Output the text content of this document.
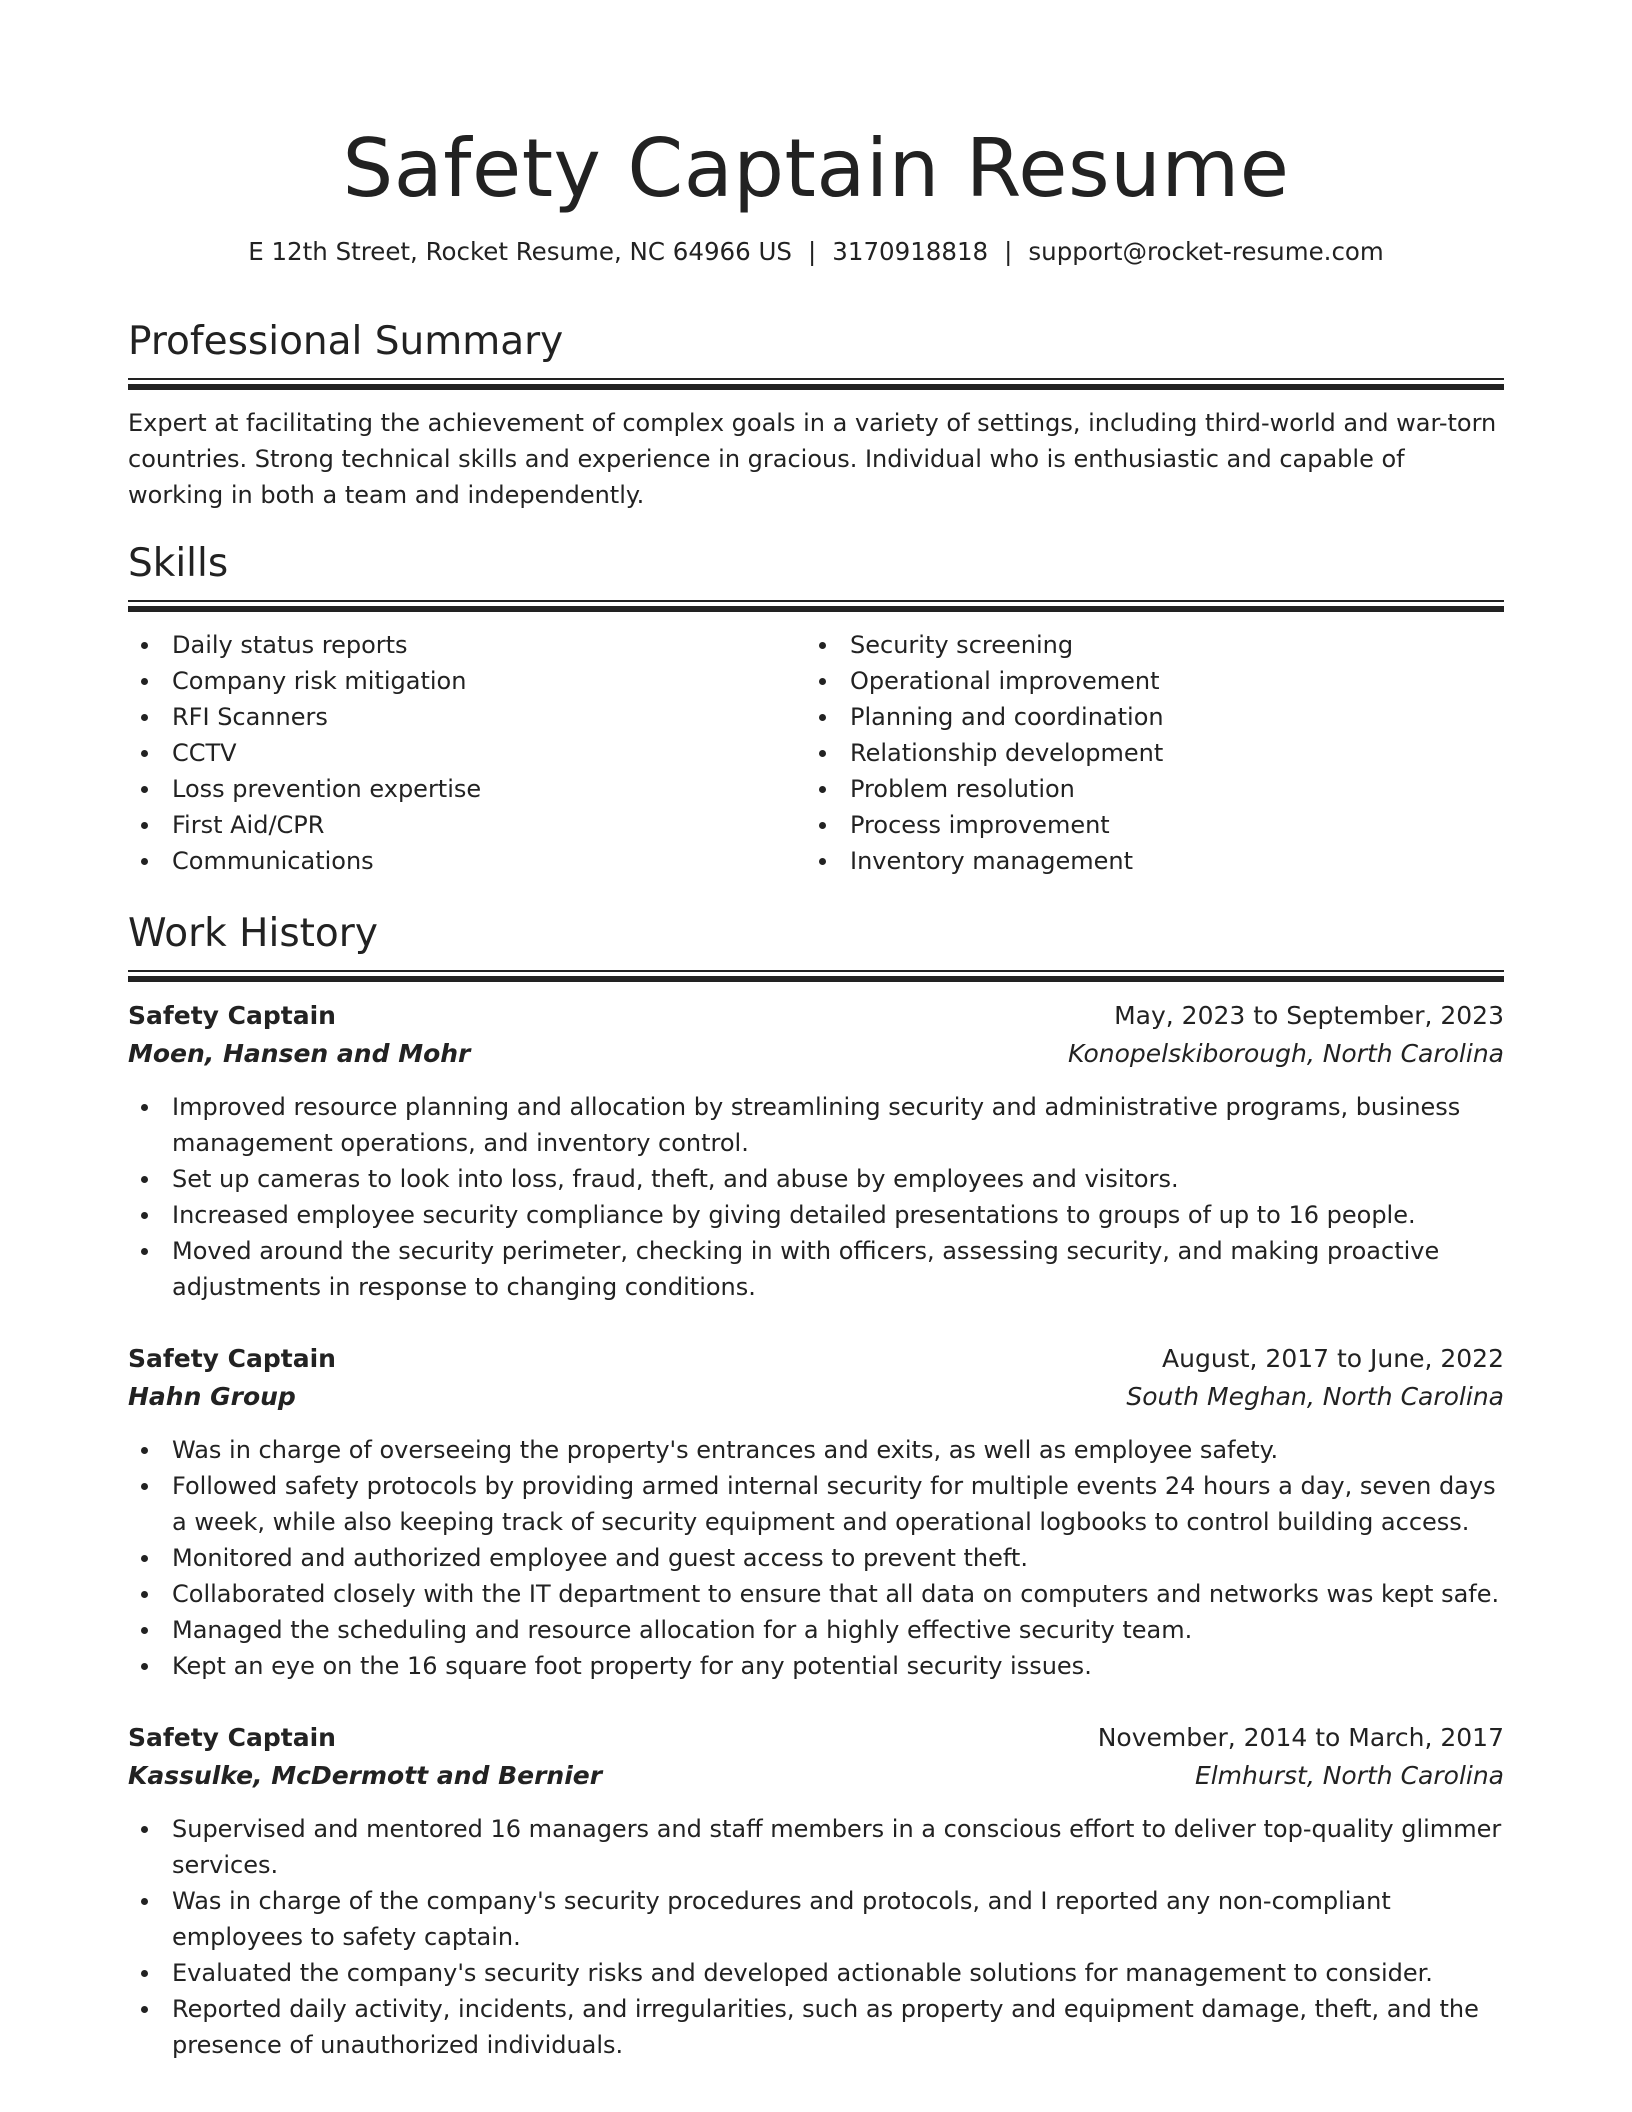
Safety Captain Resume
E 12th Street, Rocket Resume, NC 64966 US | 3170918818 | support@rocket-resume.com
Professional Summary

Expert at facilitating the achievement of complex goals in a variety of settings, including third-world and war-torn countries. Strong technical skills and experience in gracious. Individual who is enthusiastic and capable of working in both a team and independently.

Skills
Daily status reports
Company risk mitigation
RFI Scanners
CCTV
Loss prevention expertise
First Aid/CPR
Communications
Security screening
Operational improvement
Planning and coordination
Relationship development
Problem resolution
Process improvement
Inventory management
Work History
Safety Captain	May, 2023 to September, 2023
Moen, Hansen and Mohr	Konopelskiborough, North Carolina
Improved resource planning and allocation by streamlining security and administrative programs, business management operations, and inventory control.
Set up cameras to look into loss, fraud, theft, and abuse by employees and visitors.
Increased employee security compliance by giving detailed presentations to groups of up to 16 people.
Moved around the security perimeter, checking in with officers, assessing security, and making proactive adjustments in response to changing conditions.
Safety Captain	August, 2017 to June, 2022
Hahn Group	South Meghan, North Carolina
Was in charge of overseeing the property's entrances and exits, as well as employee safety.
Followed safety protocols by providing armed internal security for multiple events 24 hours a day, seven days a week, while also keeping track of security equipment and operational logbooks to control building access.
Monitored and authorized employee and guest access to prevent theft.
Collaborated closely with the IT department to ensure that all data on computers and networks was kept safe.
Managed the scheduling and resource allocation for a highly effective security team.
Kept an eye on the 16 square foot property for any potential security issues.
Safety Captain	November, 2014 to March, 2017
Kassulke, McDermott and Bernier	Elmhurst, North Carolina
Supervised and mentored 16 managers and staff members in a conscious effort to deliver top-quality glimmer services.
Was in charge of the company's security procedures and protocols, and I reported any non-compliant employees to safety captain.
Evaluated the company's security risks and developed actionable solutions for management to consider.
Reported daily activity, incidents, and irregularities, such as property and equipment damage, theft, and the presence of unauthorized individuals.
